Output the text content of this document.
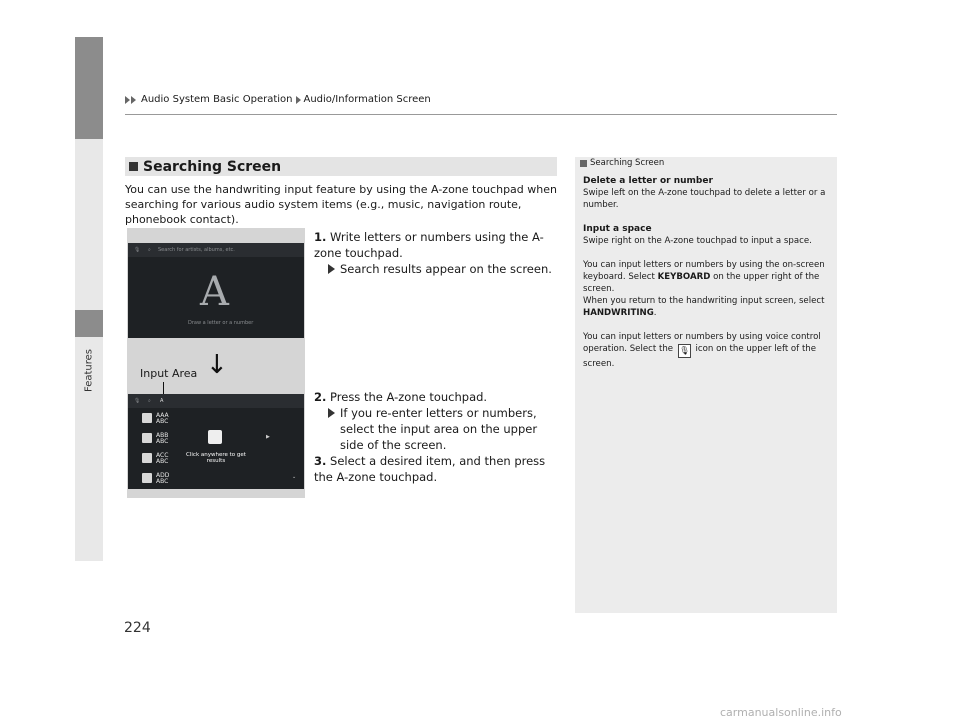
Audio System Basic Operation Audio/Information Screen
Features
Searching Screen
You can use the handwriting input feature by using the A-zone touchpad when searching for various audio system items (e.g., music, navigation route, phonebook contact).
🎙 ⌕ Search for artists, albums, etc.
A
Draw a letter or a number
Input Area ↓
🎙 ⌕ A
AAA
ABC
ABB
ABC
ACC
ABC
ADD
ABC
Click anywhere to get results
▶
⌄
1. Write letters or numbers using the A-zone touchpad.
Search results appear on the screen.
2. Press the A-zone touchpad.
If you re-enter letters or numbers, select the input area on the upper side of the screen.
3. Select a desired item, and then press the A-zone touchpad.
Searching Screen

Delete a letter or number

Swipe left on the A-zone touchpad to delete a letter or a number.

Input a space

Swipe right on the A-zone touchpad to input a space.

You can input letters or numbers by using the on-screen keyboard. Select KEYBOARD on the upper right of the screen.
When you return to the handwriting input screen, select HANDWRITING.

You can input letters or numbers by using voice control operation. Select the 🎙 icon on the upper left of the screen.

224
carmanualsonline.info
